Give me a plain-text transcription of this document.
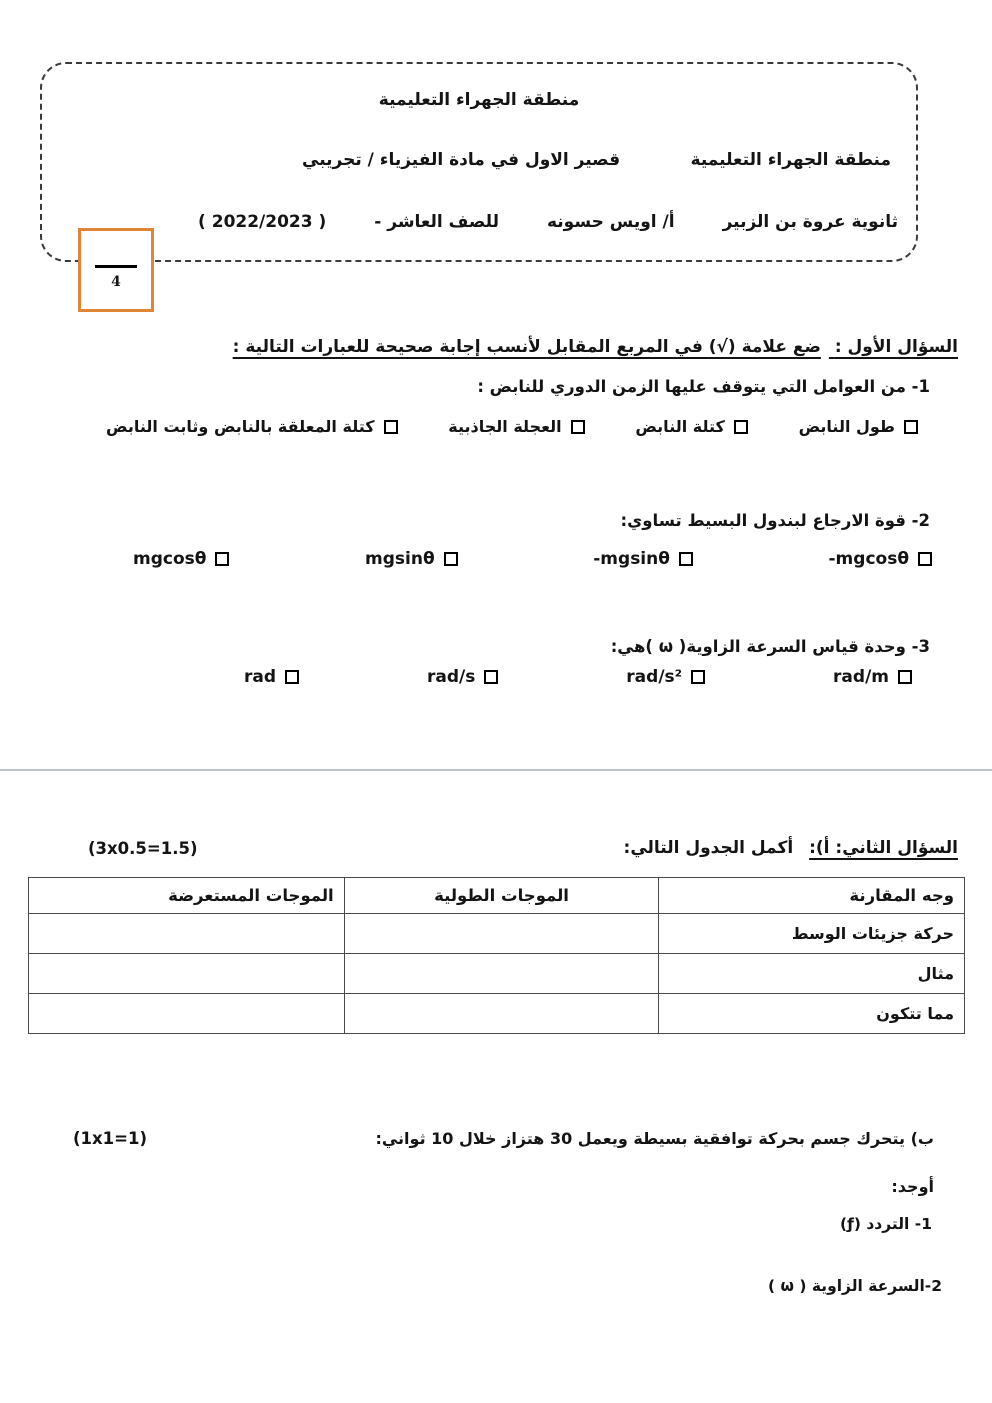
منطقة الجهراء التعليمية
منطقة الجهراء التعليمية
قصير الاول في مادة الفيزياء / تجريبي
ثانوية عروة بن الزبير
أ/ اويس حسونه
للصف العاشر -
( 2022/2023 )
4
السؤال الأول : ضع علامة (√) في المربع المقابل لأنسب إجابة صحيحة للعبارات التالية :
1- من العوامل التي يتوقف عليها الزمن الدوري للنابض :
طول النابض
كتلة النابض
العجلة الجاذبية
كتلة المعلقة بالنابض وثابت النابض
2- قوة الارجاع لبندول البسيط تساوي:
-mgcosθ
-mgsinθ
mgsinθ
mgcosθ
3- وحدة قياس السرعة الزاوية( ω )هي:
rad/m
rad/s²
rad/s
rad
السؤال الثاني: أ): أكمل الجدول التالي:
(3x0.5=1.5)
وجه المقارنة	الموجات الطولية	الموجات المستعرضة
حركة جزيئات الوسط		
مثال		
مما تتكون		
ب) يتحرك جسم بحركة توافقية بسيطة ويعمل 30 هتزاز خلال 10 ثواني:
(1x1=1)
أوجد:
1- التردد (ƒ)
2-السرعة الزاوية ( ω )
